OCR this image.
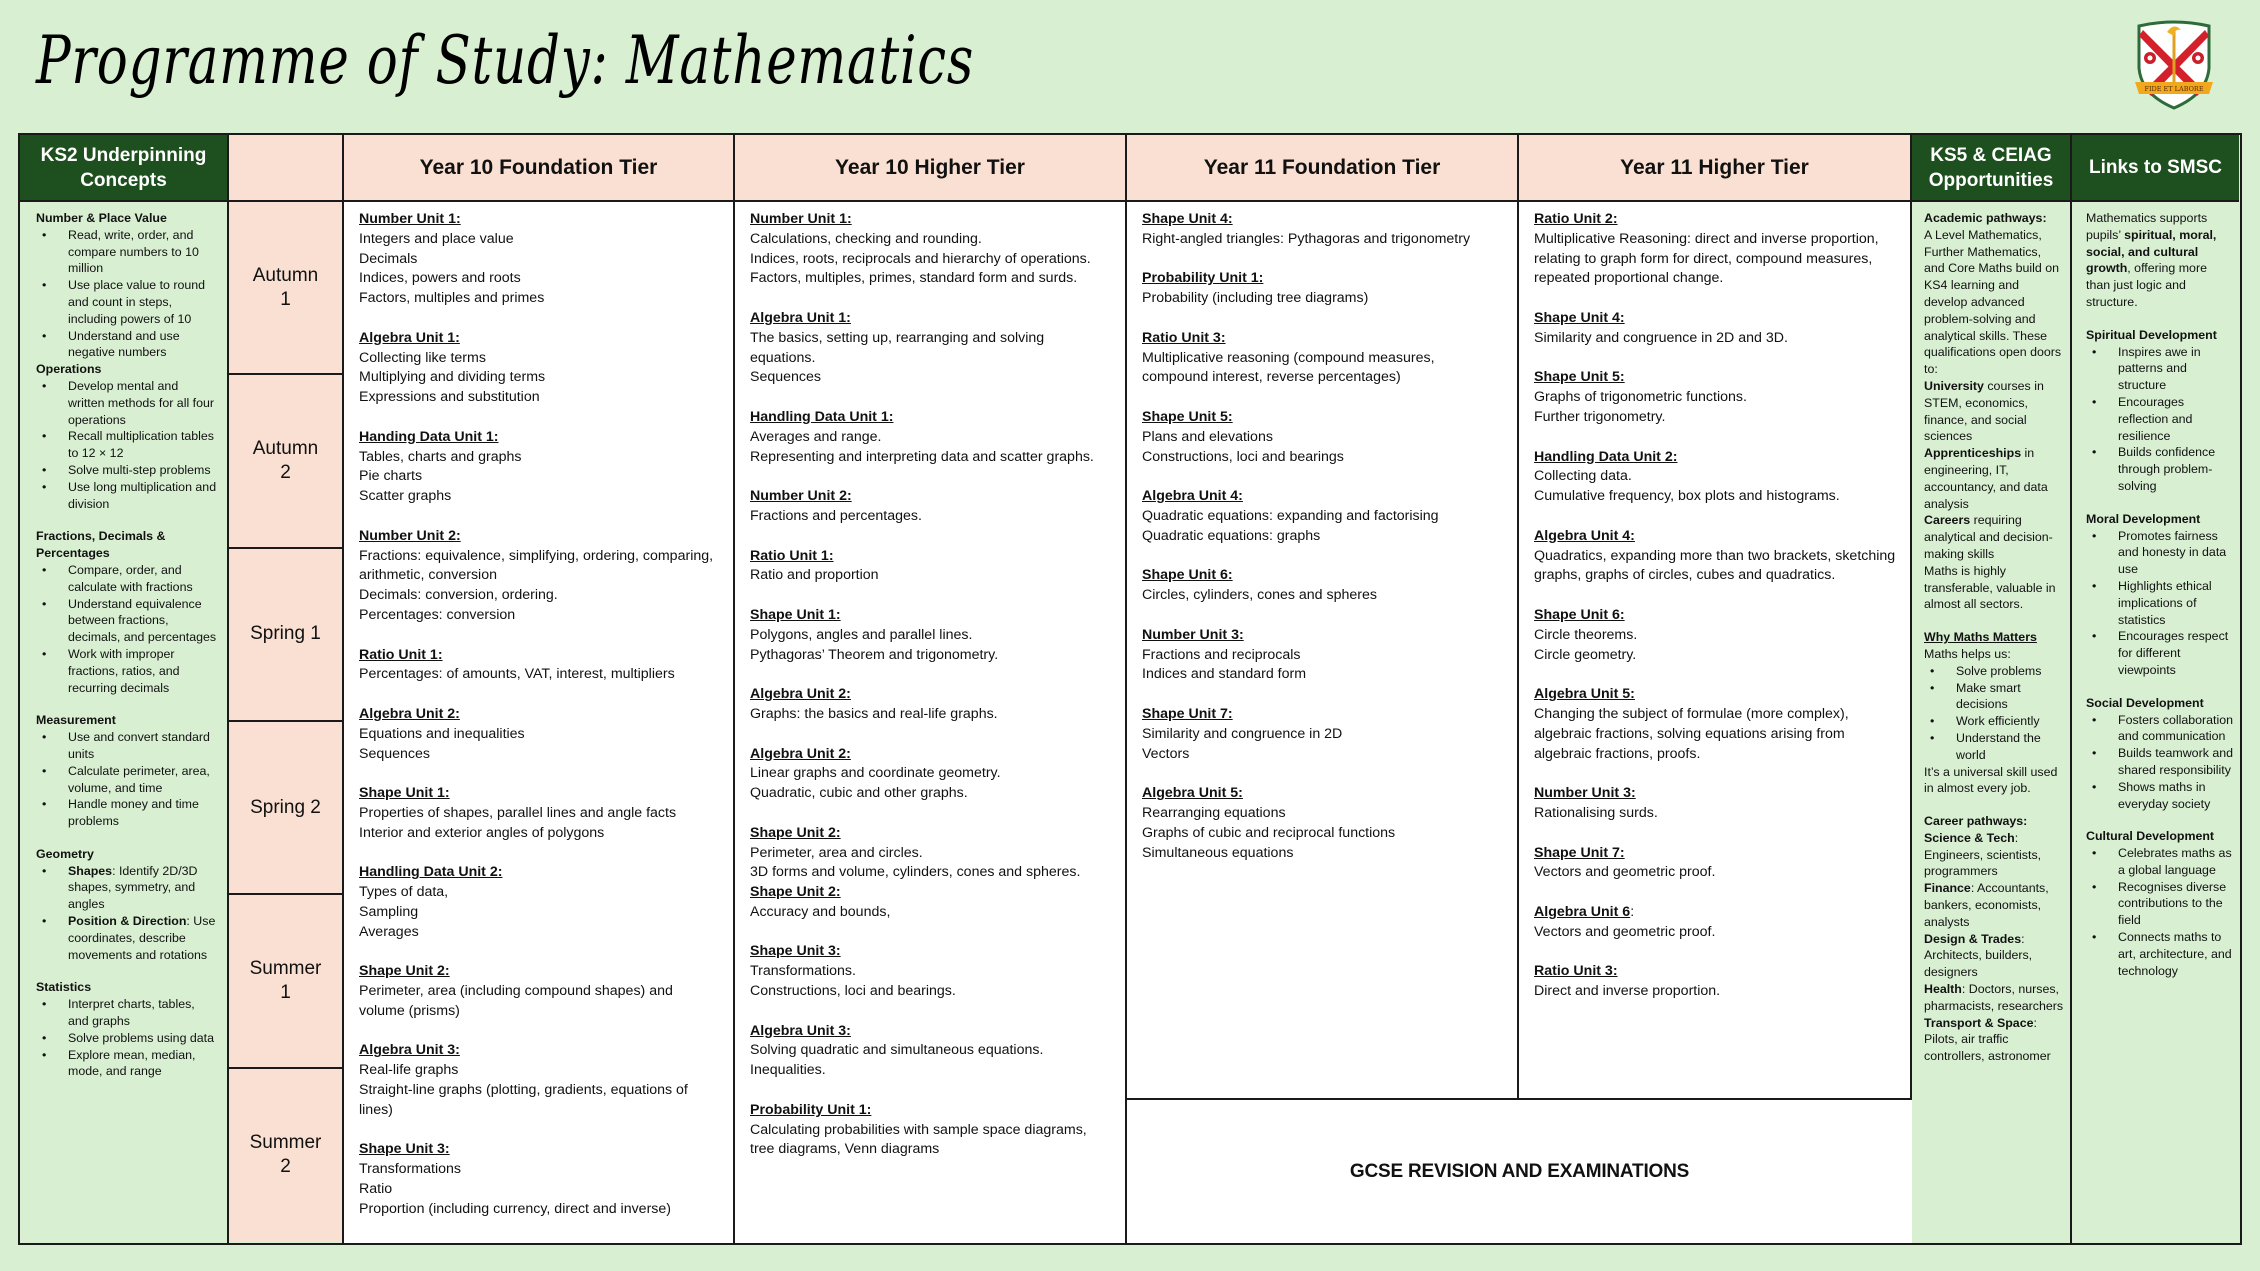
Programme of Study: Mathematics	FIDE ET LABORE
KS2 Underpinning Concepts
Number & Place Value
• Read, write, order, and compare numbers to 10 million
• Use place value to round and count in steps, including powers of 10
• Understand and use negative numbers
Operations
• Develop mental and written methods for all four operations
• Recall multiplication tables to 12 × 12
• Solve multi-step problems
• Use long multiplication and division
Fractions, Decimals & Percentages
• Compare, order, and calculate with fractions
• Understand equivalence between fractions, decimals, and percentages
• Work with improper fractions, ratios, and recurring decimals
Measurement
• Use and convert standard units
• Calculate perimeter, area, volume, and time
• Handle money and time problems
Geometry
• Shapes: Identify 2D/3D shapes, symmetry, and angles
• Position & Direction: Use coordinates, describe movements and rotations
Statistics
• Interpret charts, tables, and graphs
• Solve problems using data
• Explore mean, median, mode, and range
Autumn
1
Autumn
2
Spring 1
Spring 2
Summer
1
Summer
2
Year 10 Foundation Tier
Number Unit 1:
Integers and place value
Decimals
Indices, powers and roots
Factors, multiples and primes
Algebra Unit 1:
Collecting like terms
Multiplying and dividing terms
Expressions and substitution
Handing Data Unit 1:
Tables, charts and graphs
Pie charts
Scatter graphs
Number Unit 2:
Fractions: equivalence, simplifying, ordering, comparing, arithmetic, conversion
Decimals: conversion, ordering.
Percentages: conversion
Ratio Unit 1:
Percentages: of amounts, VAT, interest, multipliers
Algebra Unit 2:
Equations and inequalities
Sequences
Shape Unit 1:
Properties of shapes, parallel lines and angle facts
Interior and exterior angles of polygons
Handling Data Unit 2:
Types of data,
Sampling
Averages
Shape Unit 2:
Perimeter, area (including compound shapes) and volume (prisms)
Algebra Unit 3:
Real-life graphs
Straight-line graphs (plotting, gradients, equations of lines)
Shape Unit 3:
Transformations
Ratio
Proportion (including currency, direct and inverse)
Year 10 Higher Tier
Number Unit 1:
Calculations, checking and rounding.
Indices, roots, reciprocals and hierarchy of operations.
Factors, multiples, primes, standard form and surds.
Algebra Unit 1:
The basics, setting up, rearranging and solving equations.
Sequences
Handling Data Unit 1:
Averages and range.
Representing and interpreting data and scatter graphs.
Number Unit 2:
Fractions and percentages.
Ratio Unit 1:
Ratio and proportion
Shape Unit 1:
Polygons, angles and parallel lines.
Pythagoras’ Theorem and trigonometry.
Algebra Unit 2:
Graphs: the basics and real-life graphs.
Algebra Unit 2:
Linear graphs and coordinate geometry.
Quadratic, cubic and other graphs.
Shape Unit 2:
Perimeter, area and circles.
3D forms and volume, cylinders, cones and spheres.
Shape Unit 2:
Accuracy and bounds,
Shape Unit 3:
Transformations.
Constructions, loci and bearings.
Algebra Unit 3:
Solving quadratic and simultaneous equations.
Inequalities.
Probability Unit 1:
Calculating probabilities with sample space diagrams, tree diagrams, Venn diagrams
Year 11 Foundation Tier
Shape Unit 4:
Right-angled triangles: Pythagoras and trigonometry
Probability Unit 1:
Probability (including tree diagrams)
Ratio Unit 3:
Multiplicative reasoning (compound measures, compound interest, reverse percentages)
Shape Unit 5:
Plans and elevations
Constructions, loci and bearings
Algebra Unit 4:
Quadratic equations: expanding and factorising
Quadratic equations: graphs
Shape Unit 6:
Circles, cylinders, cones and spheres
Number Unit 3:
Fractions and reciprocals
Indices and standard form
Shape Unit 7:
Similarity and congruence in 2D
Vectors
Algebra Unit 5:
Rearranging equations
Graphs of cubic and reciprocal functions
Simultaneous equations
Year 11 Higher Tier
Ratio Unit 2:
Multiplicative Reasoning: direct and inverse proportion, relating to graph form for direct, compound measures, repeated proportional change.
Shape Unit 4:
Similarity and congruence in 2D and 3D.
Shape Unit 5:
Graphs of trigonometric functions.
Further trigonometry.
Handling Data Unit 2:
Collecting data.
Cumulative frequency, box plots and histograms.
Algebra Unit 4:
Quadratics, expanding more than two brackets, sketching graphs, graphs of circles, cubes and quadratics.
Shape Unit 6:
Circle theorems.
Circle geometry.
Algebra Unit 5:
Changing the subject of formulae (more complex), algebraic fractions, solving equations arising from algebraic fractions, proofs.
Number Unit 3:
Rationalising surds.
Shape Unit 7:
Vectors and geometric proof.
Algebra Unit 6:
Vectors and geometric proof.
Ratio Unit 3:
Direct and inverse proportion.
GCSE REVISION AND EXAMINATIONS
KS5 & CEIAG Opportunities
Academic pathways:
A Level Mathematics, Further Mathematics, and Core Maths build on KS4 learning and develop advanced problem-solving and analytical skills. These qualifications open doors to:
University courses in STEM, economics, finance, and social sciences
Apprenticeships in engineering, IT, accountancy, and data analysis
Careers requiring analytical and decision-making skills
Maths is highly transferable, valuable in almost all sectors.
Why Maths Matters
Maths helps us:
• Solve problems
• Make smart decisions
• Work efficiently
• Understand the world
It’s a universal skill used in almost every job.
Career pathways:
Science & Tech: Engineers, scientists, programmers
Finance: Accountants, bankers, economists, analysts
Design & Trades: Architects, builders, designers
Health: Doctors, nurses, pharmacists, researchers
Transport & Space: Pilots, air traffic controllers, astronomer
Links to SMSC
Mathematics supports pupils’ spiritual, moral, social, and cultural growth, offering more than just logic and structure.
Spiritual Development
• Inspires awe in patterns and structure
• Encourages reflection and resilience
• Builds confidence through problem-solving
Moral Development
• Promotes fairness and honesty in data use
• Highlights ethical implications of statistics
• Encourages respect for different viewpoints
Social Development
• Fosters collaboration and communication
• Builds teamwork and shared responsibility
• Shows maths in everyday society
Cultural Development
• Celebrates maths as a global language
• Recognises diverse contributions to the field
• Connects maths to art, architecture, and technology
